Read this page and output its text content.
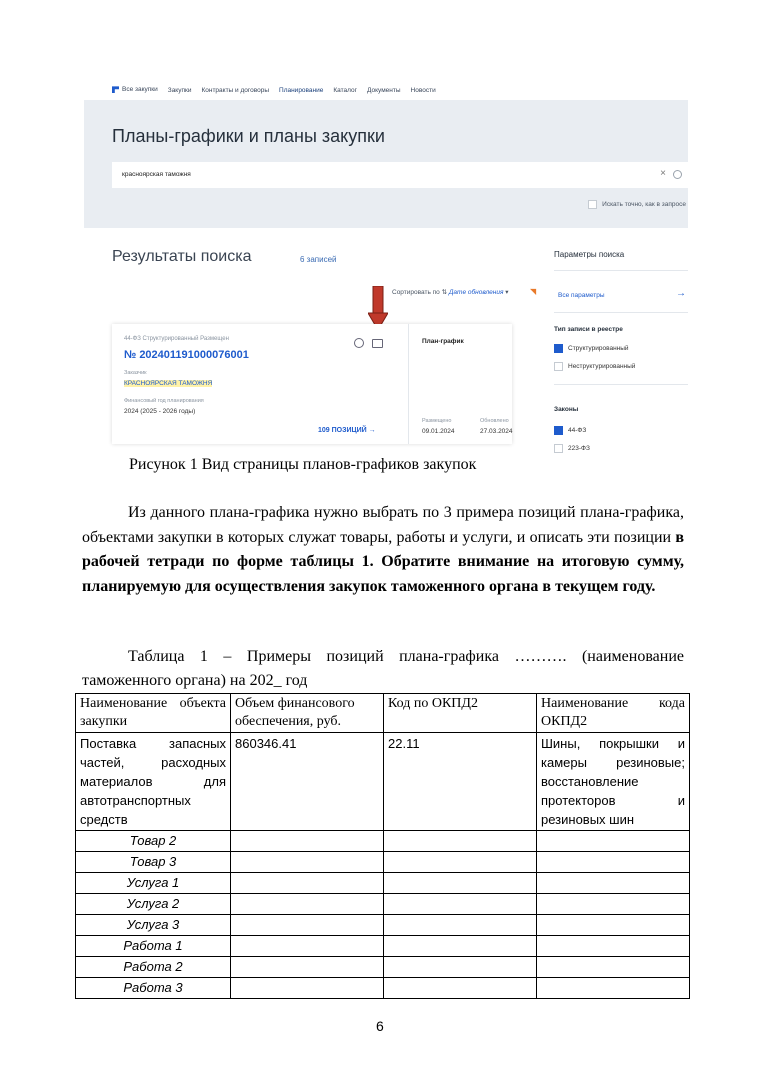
Все закупки Закупки Контракты и договоры Планирование Каталог Документы Новости
Планы-графики и планы закупки
красноярская таможня	×
Искать точно, как в запросе
Результаты поиска	6 записей
Сортировать по ⇅ Дате обновления ▾	◥
44-ФЗ Структурированный Размещен
№ 202401191000076001
Заказчик
КРАСНОЯРСКАЯ ТАМОЖНЯ
Финансовый год планирования
2024 (2025 - 2026 годы)
109 ПОЗИЦИЙ →
План-график
Размещено
09.01.2024
Обновлено
27.03.2024
Параметры поиска
Все параметры	→
Тип записи в реестре
Структурированный
Неструктурированный
Законы
44-ФЗ
223-ФЗ
Рисунок 1 Вид страницы планов-графиков закупок

Из данного плана-графика нужно выбрать по 3 примера позиций плана-графика, объектами закупки в которых служат товары, работы и услуги, и описать эти позиции в рабочей тетради по форме таблицы 1. Обратите внимание на итоговую сумму, планируемую для осуществления закупок таможенного органа в текущем году.

Таблица 1 – Примеры позиций плана-графика ………. (наименование таможенного органа) на 202_ год

Наименование объекта закупки	Объем финансового обеспечения, руб.	Код по ОКПД2	Наименование кода ОКПД2
Поставка запасных частей, расходных материалов для автотранспортных средств	860346.41	22.11	Шины, покрышки и камеры резиновые; восстановление протекторов и резиновых шин
Товар 2			
Товар 3			
Услуга 1			
Услуга 2			
Услуга 3			
Работа 1			
Работа 2			
Работа 3			
6
